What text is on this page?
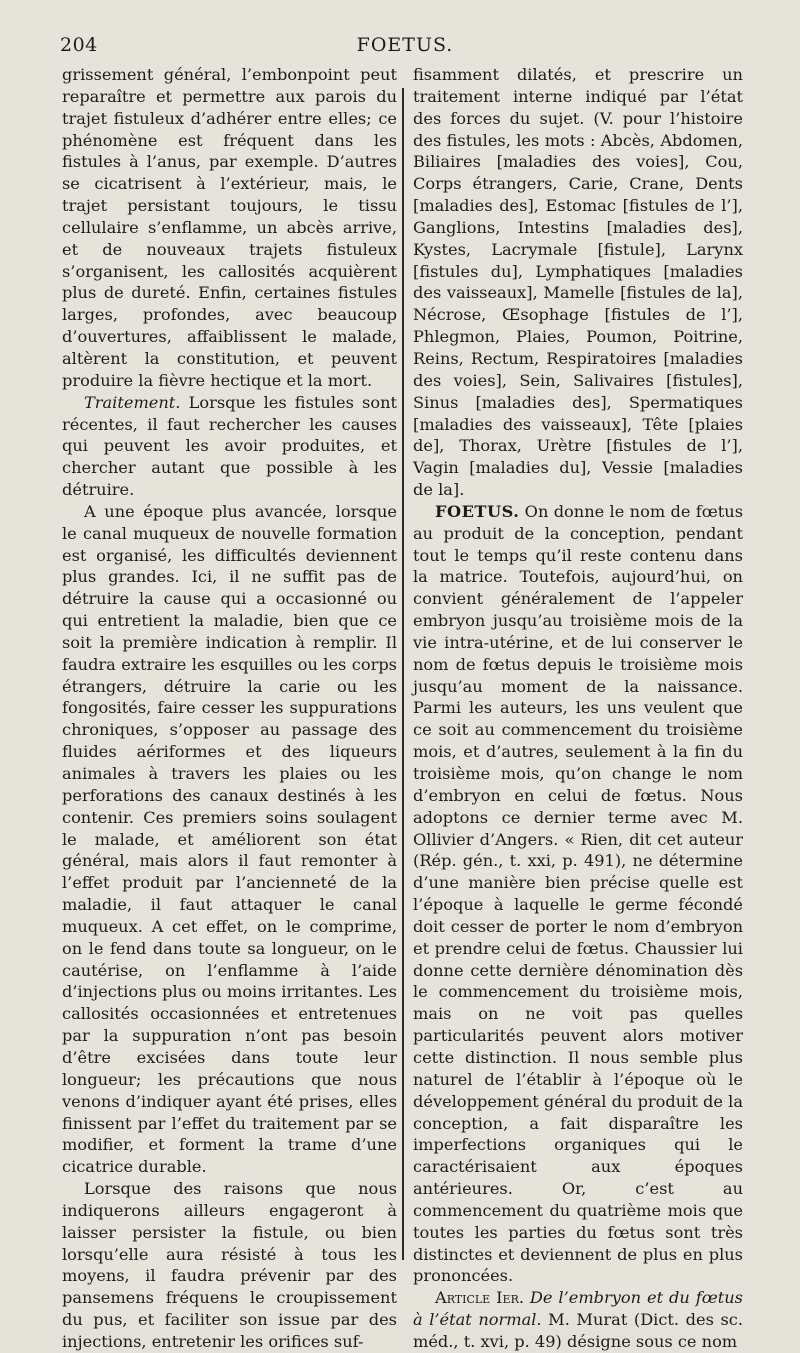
204	FOETUS.

grissement général, l’embonpoint peut reparaître et permettre aux parois du trajet fistuleux d’adhérer entre elles; ce phénomène est fréquent dans les fistules à l’anus, par exemple. D’autres se cicatrisent à l’extérieur, mais, le trajet persistant toujours, le tissu cellulaire s’enflamme, un abcès arrive, et de nouveaux trajets fistuleux s’organisent, les callosités acquièrent plus de dureté. Enfin, certaines fistules larges, profondes, avec beaucoup d’ouvertures, affaiblissent le malade, altèrent la constitution, et peuvent produire la fièvre hectique et la mort.

Traitement. Lorsque les fistules sont récentes, il faut rechercher les causes qui peuvent les avoir produites, et chercher autant que possible à les détruire.

A une époque plus avancée, lorsque le canal muqueux de nouvelle formation est organisé, les difficultés deviennent plus grandes. Ici, il ne suffit pas de détruire la cause qui a occasionné ou qui entretient la maladie, bien que ce soit la première indication à remplir. Il faudra extraire les esquilles ou les corps étrangers, détruire la carie ou les fongosités, faire cesser les suppurations chroniques, s’opposer au passage des fluides aériformes et des liqueurs animales à travers les plaies ou les perforations des canaux destinés à les contenir. Ces premiers soins soulagent le malade, et améliorent son état général, mais alors il faut remonter à l’effet produit par l’ancienneté de la maladie, il faut attaquer le canal muqueux. A cet effet, on le comprime, on le fend dans toute sa longueur, on le cautérise, on l’enflamme à l’aide d’injections plus ou moins irritantes. Les callosités occasionnées et entretenues par la suppuration n’ont pas besoin d’être excisées dans toute leur longueur; les précautions que nous venons d’indiquer ayant été prises, elles finissent par l’effet du traitement par se modifier, et forment la trame d’une cicatrice durable.

Lorsque des raisons que nous indiquerons ailleurs engageront à laisser persister la fistule, ou bien lorsqu’elle aura résisté à tous les moyens, il faudra prévenir par des pansemens fréquens le croupissement du pus, et faciliter son issue par des injections, entretenir les orifices suf-

fisamment dilatés, et prescrire un traitement interne indiqué par l’état des forces du sujet. (V. pour l’histoire des fistules, les mots : Abcès, Abdomen, Biliaires [maladies des voies], Cou, Corps étrangers, Carie, Crane, Dents [maladies des], Estomac [fistules de l’], Ganglions, Intestins [maladies des], Kystes, Lacrymale [fistule], Larynx [fistules du], Lymphatiques [maladies des vaisseaux], Mamelle [fistules de la], Nécrose, Œsophage [fistules de l’], Phlegmon, Plaies, Poumon, Poitrine, Reins, Rectum, Respiratoires [maladies des voies], Sein, Salivaires [fistules], Sinus [maladies des], Spermatiques [maladies des vaisseaux], Tête [plaies de], Thorax, Urètre [fistules de l’], Vagin [maladies du], Vessie [maladies de la].

FOETUS. On donne le nom de fœtus au produit de la conception, pendant tout le temps qu’il reste contenu dans la matrice. Toutefois, aujourd’hui, on convient généralement de l’appeler embryon jusqu’au troisième mois de la vie intra-utérine, et de lui conserver le nom de fœtus depuis le troisième mois jusqu’au moment de la naissance. Parmi les auteurs, les uns veulent que ce soit au commencement du troisième mois, et d’autres, seulement à la fin du troisième mois, qu’on change le nom d’embryon en celui de fœtus. Nous adoptons ce dernier terme avec M. Ollivier d’Angers. « Rien, dit cet auteur (Rép. gén., t. xxi, p. 491), ne détermine d’une manière bien précise quelle est l’époque à laquelle le germe fécondé doit cesser de porter le nom d’embryon et prendre celui de fœtus. Chaussier lui donne cette dernière dénomination dès le commencement du troisième mois, mais on ne voit pas quelles particularités peuvent alors motiver cette distinction. Il nous semble plus naturel de l’établir à l’époque où le développement général du produit de la conception, a fait disparaître les imperfections organiques qui le caractérisaient aux époques antérieures. Or, c’est au commencement du quatrième mois que toutes les parties du fœtus sont très distinctes et deviennent de plus en plus prononcées.

Article Ier. De l’embryon et du fœtus à l’état normal. M. Murat (Dict. des sc. méd., t. xvi, p. 49) désigne sous ce nom
